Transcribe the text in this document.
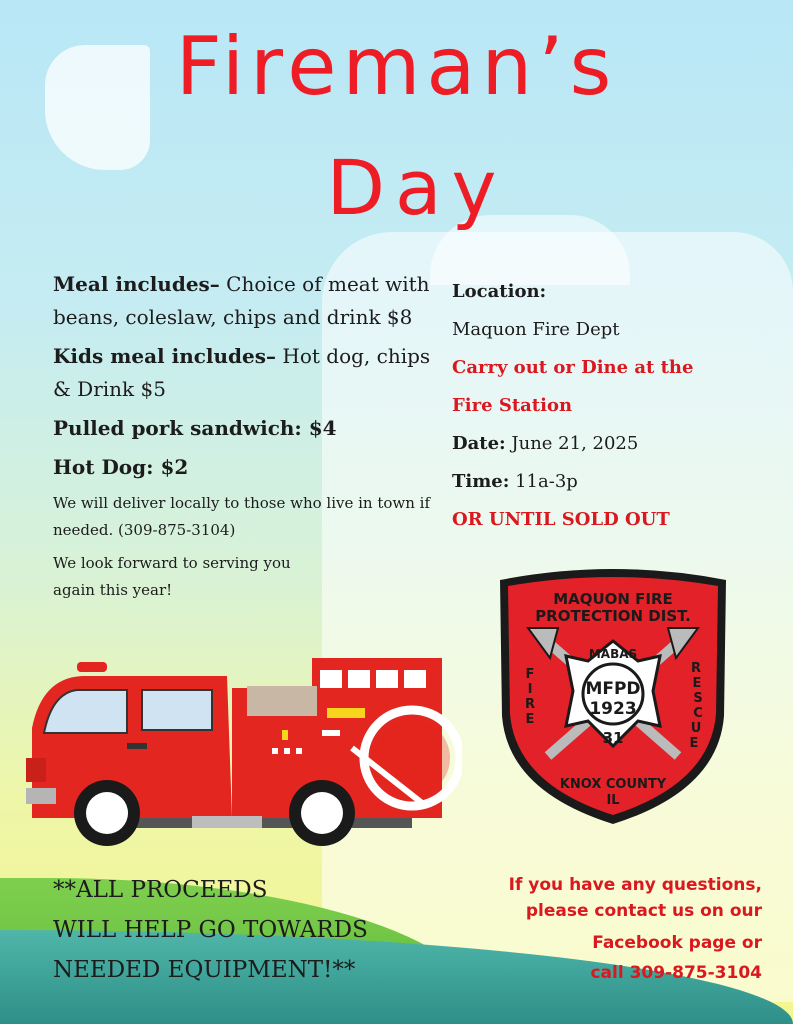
Fireman’s
Day

Meal includes– Choice of meat with beans, coleslaw, chips and drink $8

Kids meal includes– Hot dog, chips & Drink $5

Pulled pork sandwich: $4

Hot Dog: $2

We will deliver locally to those who live in town if needed. (309-875-3104)

We look forward to serving you again this year!

Location:

Maquon Fire Dept

Carry out or Dine at the

Fire Station

Date: June 21, 2025

Time: 11a-3p

OR UNTIL SOLD OUT

MAQUON FIRE
PROTECTION DIST.
MABAS
MFPD
1923
31
F
I
R
E
R
E
S
C
U
E
KNOX COUNTY
IL
**ALL PROCEEDS
WILL HELP GO TOWARDS
NEEDED EQUIPMENT!**
If you have any questions,
please contact us on our
Facebook page or
call 309-875-3104
